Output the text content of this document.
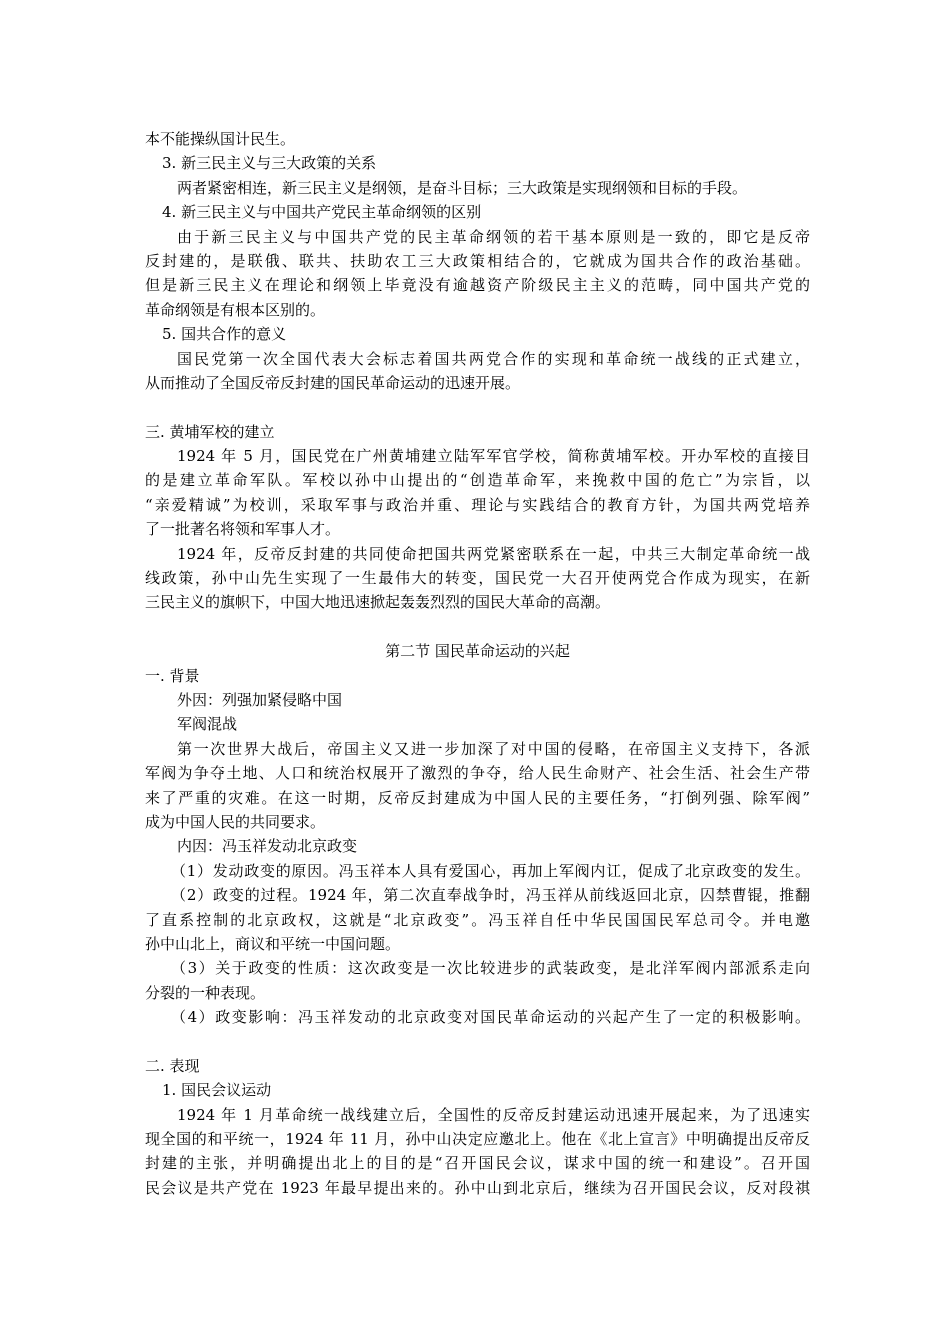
本不能操纵国计民生。
3. 新三民主义与三大政策的关系
两者紧密相连，新三民主义是纲领，是奋斗目标；三大政策是实现纲领和目标的手段。
4. 新三民主义与中国共产党民主革命纲领的区别
由于新三民主义与中国共产党的民主革命纲领的若干基本原则是一致的，即它是反帝
反封建的，是联俄、联共、扶助农工三大政策相结合的，它就成为国共合作的政治基础。
但是新三民主义在理论和纲领上毕竟没有逾越资产阶级民主主义的范畴，同中国共产党的
革命纲领是有根本区别的。
5. 国共合作的意义
国民党第一次全国代表大会标志着国共两党合作的实现和革命统一战线的正式建立，
从而推动了全国反帝反封建的国民革命运动的迅速开展。
三. 黄埔军校的建立
1924 年 5 月，国民党在广州黄埔建立陆军军官学校，简称黄埔军校。开办军校的直接目
的是建立革命军队。军校以孙中山提出的“创造革命军，来挽救中国的危亡”为宗旨，以
“亲爱精诚”为校训，采取军事与政治并重、理论与实践结合的教育方针，为国共两党培养
了一批著名将领和军事人才。
1924 年，反帝反封建的共同使命把国共两党紧密联系在一起，中共三大制定革命统一战
线政策，孙中山先生实现了一生最伟大的转变，国民党一大召开使两党合作成为现实，在新
三民主义的旗帜下，中国大地迅速掀起轰轰烈烈的国民大革命的高潮。
第二节 国民革命运动的兴起
一. 背景
外因：列强加紧侵略中国
军阀混战
第一次世界大战后，帝国主义又进一步加深了对中国的侵略，在帝国主义支持下，各派
军阀为争夺土地、人口和统治权展开了激烈的争夺，给人民生命财产、社会生活、社会生产带
来了严重的灾难。在这一时期，反帝反封建成为中国人民的主要任务，“打倒列强、除军阀”
成为中国人民的共同要求。
内因：冯玉祥发动北京政变
（1）发动政变的原因。冯玉祥本人具有爱国心，再加上军阀内讧，促成了北京政变的发生。
（2）政变的过程。1924 年，第二次直奉战争时，冯玉祥从前线返回北京，囚禁曹锟，推翻
了直系控制的北京政权，这就是“北京政变”。冯玉祥自任中华民国国民军总司令。并电邀
孙中山北上，商议和平统一中国问题。
（3）关于政变的性质：这次政变是一次比较进步的武装政变，是北洋军阀内部派系走向
分裂的一种表现。
（4）政变影响：冯玉祥发动的北京政变对国民革命运动的兴起产生了一定的积极影响。
二. 表现
1. 国民会议运动
1924 年 1 月革命统一战线建立后，全国性的反帝反封建运动迅速开展起来，为了迅速实
现全国的和平统一，1924 年 11 月，孙中山决定应邀北上。他在《北上宣言》中明确提出反帝反
封建的主张，并明确提出北上的目的是“召开国民会议，谋求中国的统一和建设”。召开国
民会议是共产党在 1923 年最早提出来的。孙中山到北京后，继续为召开国民会议，反对段祺
